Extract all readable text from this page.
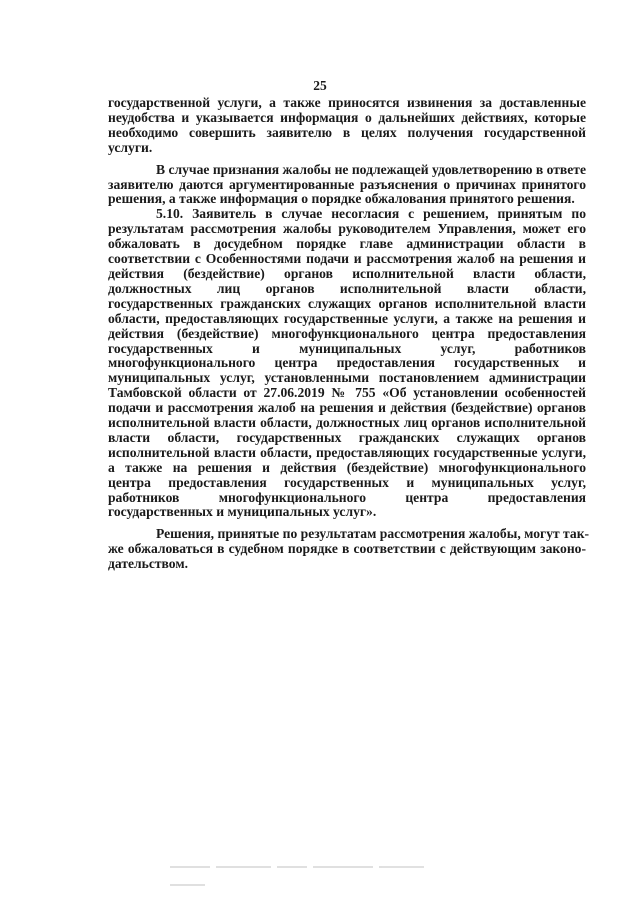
25

государственной услуги, а также приносятся извинения за доставленные
неудобства и указывается информация о дальнейших действиях, которые
необходимо совершить заявителю в целях получения государственной
услуги.

В случае признания жалобы не подлежащей удовлетворению в ответе
заявителю даются аргументированные разъяснения о причинах принятого
решения, а также информация о порядке обжалования принятого решения.

5.10. Заявитель в случае несогласия с решением, принятым по
результатам рассмотрения жалобы руководителем Управления, может его
обжаловать в досудебном порядке главе администрации области в
соответствии с Особенностями подачи и рассмотрения жалоб на решения и
действия (бездействие) органов исполнительной власти области,
должностных лиц органов исполнительной власти области,
государственных гражданских служащих органов исполнительной власти
области, предоставляющих государственные услуги, а также на решения и
действия (бездействие) многофункционального центра предоставления
государственных и муниципальных услуг, работников
многофункционального центра предоставления государственных и
муниципальных услуг, установленными постановлением администрации
Тамбовской области от 27.06.2019 № 755 «Об установлении особенностей
подачи и рассмотрения жалоб на решения и действия (бездействие) органов
исполнительной власти области, должностных лиц органов исполнительной
власти области, государственных гражданских служащих органов
исполнительной власти области, предоставляющих государственные услуги,
а также на решения и действия (бездействие) многофункционального
центра предоставления государственных и муниципальных услуг,
работников многофункционального центра предоставления
государственных и муниципальных услуг».

Решения, принятые по результатам рассмотрения жалобы, могут так-
же обжаловаться в судебном порядке в соответствии с действующим законо-
дательством.
